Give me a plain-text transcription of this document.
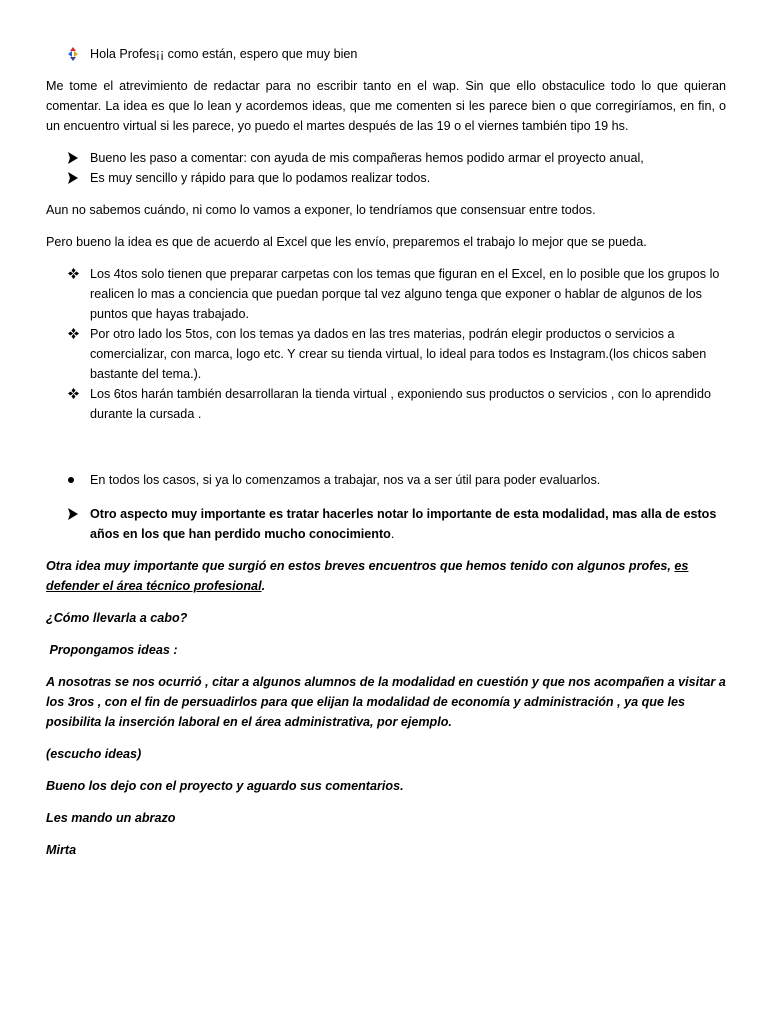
Hola Profes¡¡ como están, espero que muy bien

Me tome el atrevimiento de redactar para no escribir tanto en el wap. Sin que ello obstaculice todo lo que quieran comentar. La idea es que lo lean y acordemos ideas, que me comenten si les parece bien o que corregiríamos, en fin, o un encuentro virtual si les parece, yo puedo el martes después de las 19 o el viernes también tipo 19 hs.

Bueno les paso a comentar: con ayuda de mis compañeras hemos podido armar el proyecto anual,

Es muy sencillo y rápido para que lo podamos realizar todos.

Aun no sabemos cuándo, ni como lo vamos a exponer, lo tendríamos que consensuar entre todos.

Pero bueno la idea es que de acuerdo al Excel que les envío, preparemos el trabajo lo mejor que se pueda.

Los 4tos solo tienen que preparar carpetas con los temas que figuran en el Excel, en lo posible que los grupos lo realicen lo mas a conciencia que puedan porque tal vez alguno tenga que exponer o hablar de algunos de los puntos que hayas trabajado.

Por otro lado los 5tos, con los temas ya dados en las tres materias, podrán elegir productos o servicios a comercializar, con marca, logo etc. Y crear su tienda virtual, lo ideal para todos es Instagram.(los chicos saben bastante del tema.).

Los 6tos harán también desarrollaran la tienda virtual , exponiendo sus productos o servicios , con lo aprendido durante la cursada .

En todos los casos, si ya lo comenzamos a trabajar, nos va a ser útil para poder evaluarlos.

Otro aspecto muy importante es tratar hacerles notar lo importante de esta modalidad, mas alla de estos años en los que han perdido mucho conocimiento.

Otra idea muy importante que surgió en estos breves encuentros que hemos tenido con algunos profes, es defender el área técnico profesional.

¿Cómo llevarla a cabo?

Propongamos ideas :

A nosotras se nos ocurrió , citar a algunos alumnos de la modalidad en cuestión y que nos acompañen a visitar a los 3ros , con el fin de persuadirlos para que elijan la modalidad de economía y administración , ya que les posibilita la inserción laboral en el área administrativa, por ejemplo.

(escucho ideas)

Bueno los dejo con el proyecto y aguardo sus comentarios.

Les mando un abrazo

Mirta
